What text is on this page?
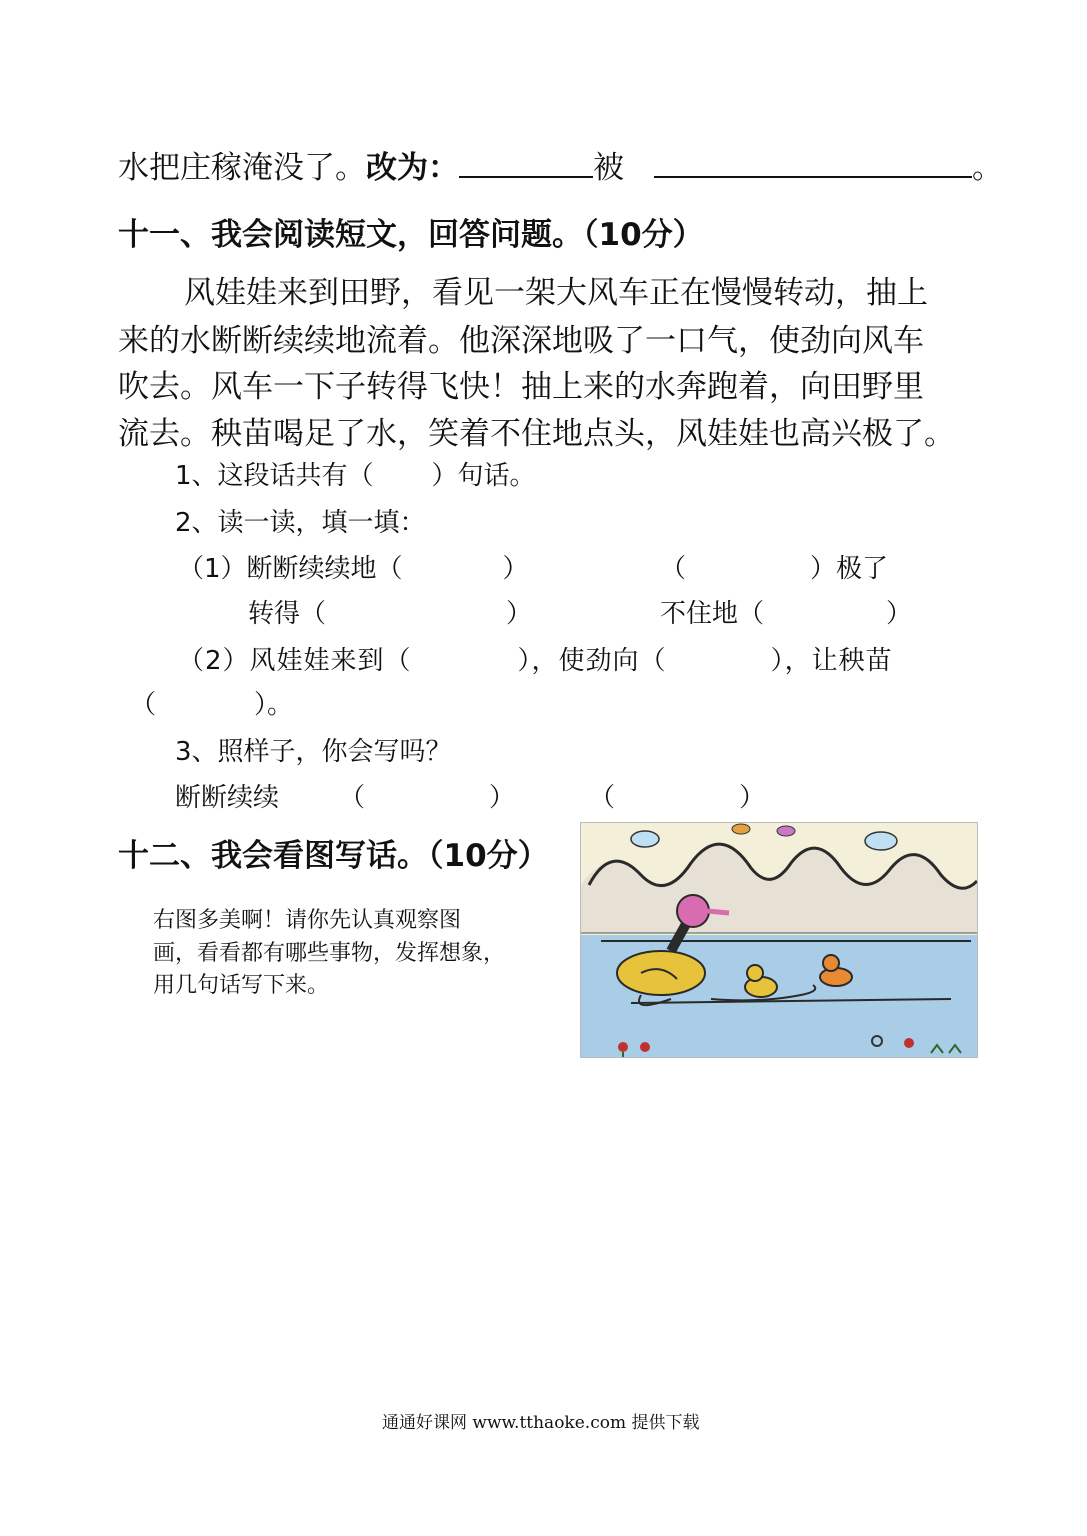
水把庄稼淹没了。改为：	被	。
十一、我会阅读短文，回答问题。（10分）
风娃娃来到田野，看见一架大风车正在慢慢转动，抽上
来的水断断续续地流着。他深深地吸了一口气，使劲向风车
吹去。风车一下子转得飞快！抽上来的水奔跑着，向田野里
流去。秧苗喝足了水，笑着不住地点头，风娃娃也高兴极了。
1、这段话共有（ ）句话。
2、读一读，填一填：
（1）断断续续地（	）	（	）极了
转得（	）	不住地（	）
（2）风娃娃来到（	），使劲向（	），让秧苗
（	）。
3、照样子，你会写吗？
断断续续 （	）	（	）
十二、我会看图写话。（10分）
右图多美啊！请你先认真观察图
画，看看都有哪些事物，发挥想象，
用几句话写下来。
通通好课网 www.tthaoke.com 提供下载
